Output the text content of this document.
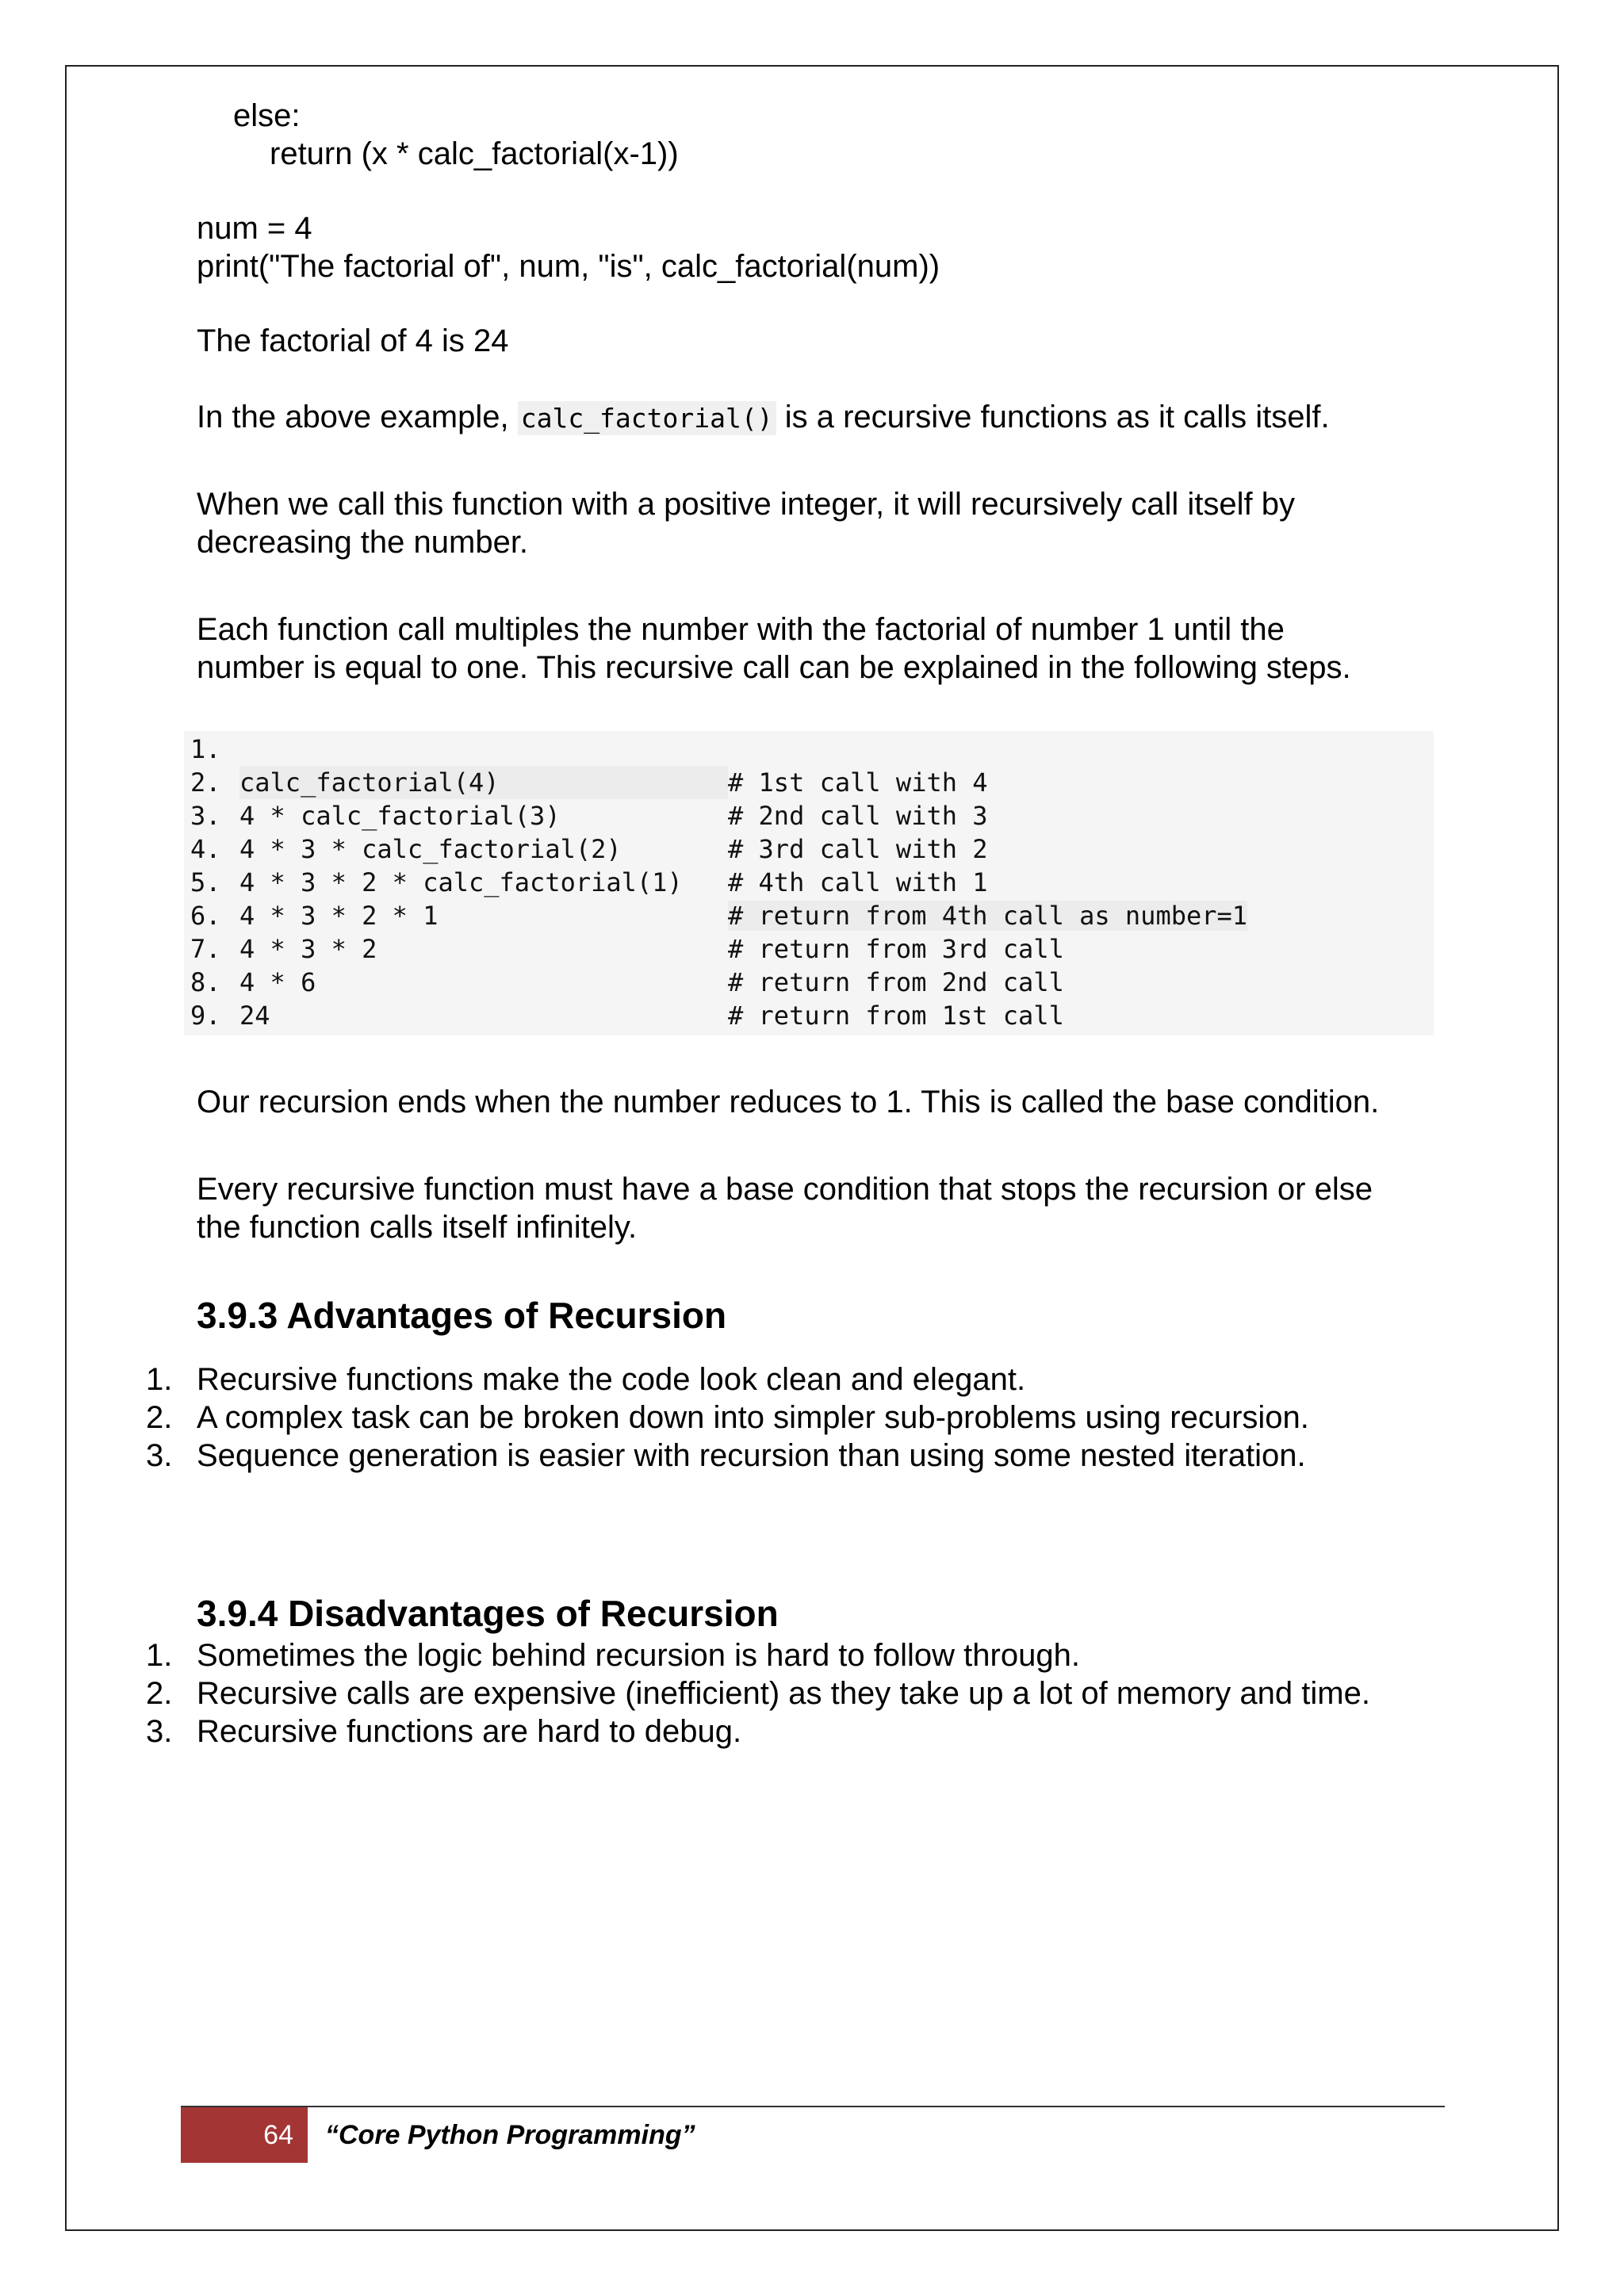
else:
return (x * calc_factorial(x-1))
num = 4
print("The factorial of", num, "is", calc_factorial(num))
The factorial of 4 is 24
In the above example, calc_factorial() is a recursive functions as it calls itself.
When we call this function with a positive integer, it will recursively call itself by
decreasing the number.
Each function call multiples the number with the factorial of number 1 until the
number is equal to one. This recursive call can be explained in the following steps.
1.
2. calc_factorial(4)	# 1st call with 4
3. 4 * calc_factorial(3)	# 2nd call with 3
4. 4 * 3 * calc_factorial(2)	# 3rd call with 2
5. 4 * 3 * 2 * calc_factorial(1) # 4th call with 1
6. 4 * 3 * 2 * 1	# return from 4th call as number=1
7. 4 * 3 * 2	# return from 3rd call
8. 4 * 6	# return from 2nd call
9. 24	# return from 1st call
Our recursion ends when the number reduces to 1. This is called the base condition.
Every recursive function must have a base condition that stops the recursion or else
the function calls itself infinitely.
3.9.3 Advantages of Recursion
1. Recursive functions make the code look clean and elegant.
2. A complex task can be broken down into simpler sub-problems using recursion.
3. Sequence generation is easier with recursion than using some nested iteration.
3.9.4 Disadvantages of Recursion
1. Sometimes the logic behind recursion is hard to follow through.
2. Recursive calls are expensive (inefficient) as they take up a lot of memory and time.
3. Recursive functions are hard to debug.
64	“Core Python Programming”
